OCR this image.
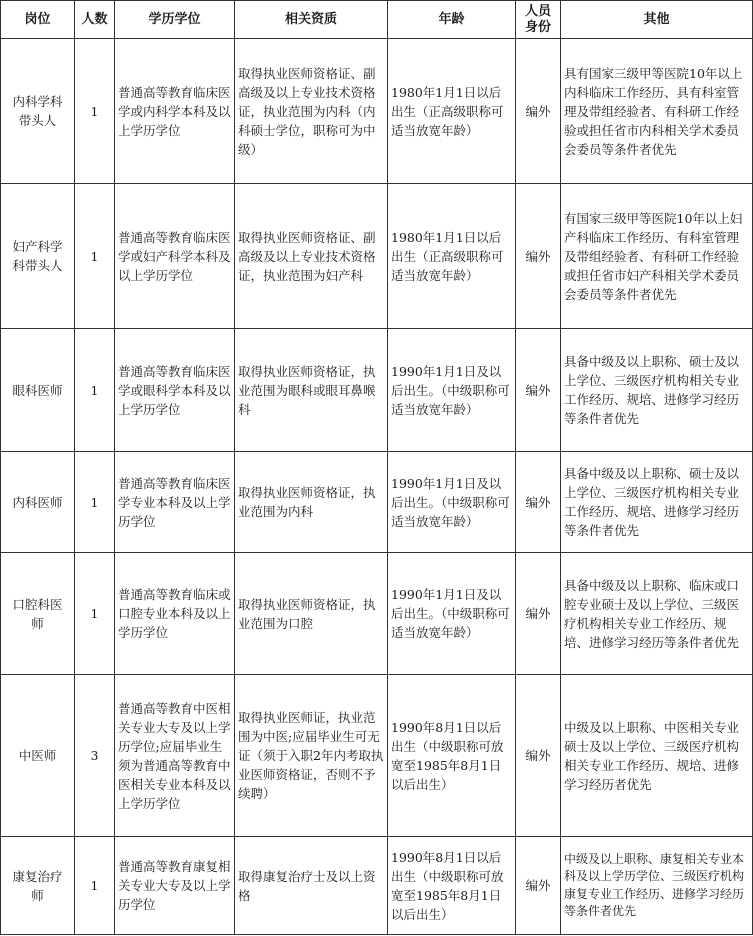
岗位	人数	学历学位	相关资质	年龄	人员身份	其他
内科学科带头人	1	普通高等教育临床医学或内科学本科及以上学历学位	取得执业医师资格证、副高级及以上专业技术资格证，执业范围为内科（内科硕士学位，职称可为中级）	1980年1月1日以后出生（正高级职称可适当放宽年龄）	编外	具有国家三级甲等医院10年以上内科临床工作经历、具有科室管理及带组经验者、有科研工作经验或担任省市内科相关学术委员会委员等条件者优先
妇产科学科带头人	1	普通高等教育临床医学或妇产科学本科及以上学历学位	取得执业医师资格证、副高级及以上专业技术资格证，执业范围为妇产科	1980年1月1日以后出生（正高级职称可适当放宽年龄）	编外	有国家三级甲等医院10年以上妇产科临床工作经历、有科室管理及带组经验者、有科研工作经验或担任省市妇产科相关学术委员会委员等条件者优先
眼科医师	1	普通高等教育临床医学或眼科学本科及以上学历学位	取得执业医师资格证，执业范围为眼科或眼耳鼻喉科	1990年1月1日及以后出生。（中级职称可适当放宽年龄）	编外	具备中级及以上职称、硕士及以上学位、三级医疗机构相关专业工作经历、规培、进修学习经历等条件者优先
内科医师	1	普通高等教育临床医学专业本科及以上学历学位	取得执业医师资格证，执业范围为内科	1990年1月1日及以后出生。（中级职称可适当放宽年龄）	编外	具备中级及以上职称、硕士及以上学位、三级医疗机构相关专业工作经历、规培、进修学习经历等条件者优先
口腔科医师	1	普通高等教育临床或口腔专业本科及以上学历学位	取得执业医师资格证，执业范围为口腔	1990年1月1日及以后出生。（中级职称可适当放宽年龄）	编外	具备中级及以上职称、临床或口腔专业硕士及以上学位、三级医疗机构相关专业工作经历、规培、进修学习经历等条件者优先
中医师	3	普通高等教育中医相关专业大专及以上学历学位;应届毕业生须为普通高等教育中医相关专业本科及以上学历学位	取得执业医师证，执业范围为中医;应届毕业生可无证（须于入职2年内考取执业医师资格证，否则不予续聘）	1990年8月1日以后出生（中级职称可放宽至1985年8月1日以后出生）	编外	中级及以上职称、中医相关专业硕士及以上学位、三级医疗机构相关专业工作经历、规培、进修学习经历者优先
康复治疗师	1	普通高等教育康复相关专业大专及以上学历学位	取得康复治疗士及以上资格	1990年8月1日以后出生（中级职称可放宽至1985年8月1日以后出生）	编外	中级及以上职称、康复相关专业本科及以上学历学位、三级医疗机构康复专业工作经历、进修学习经历等条件者优先
